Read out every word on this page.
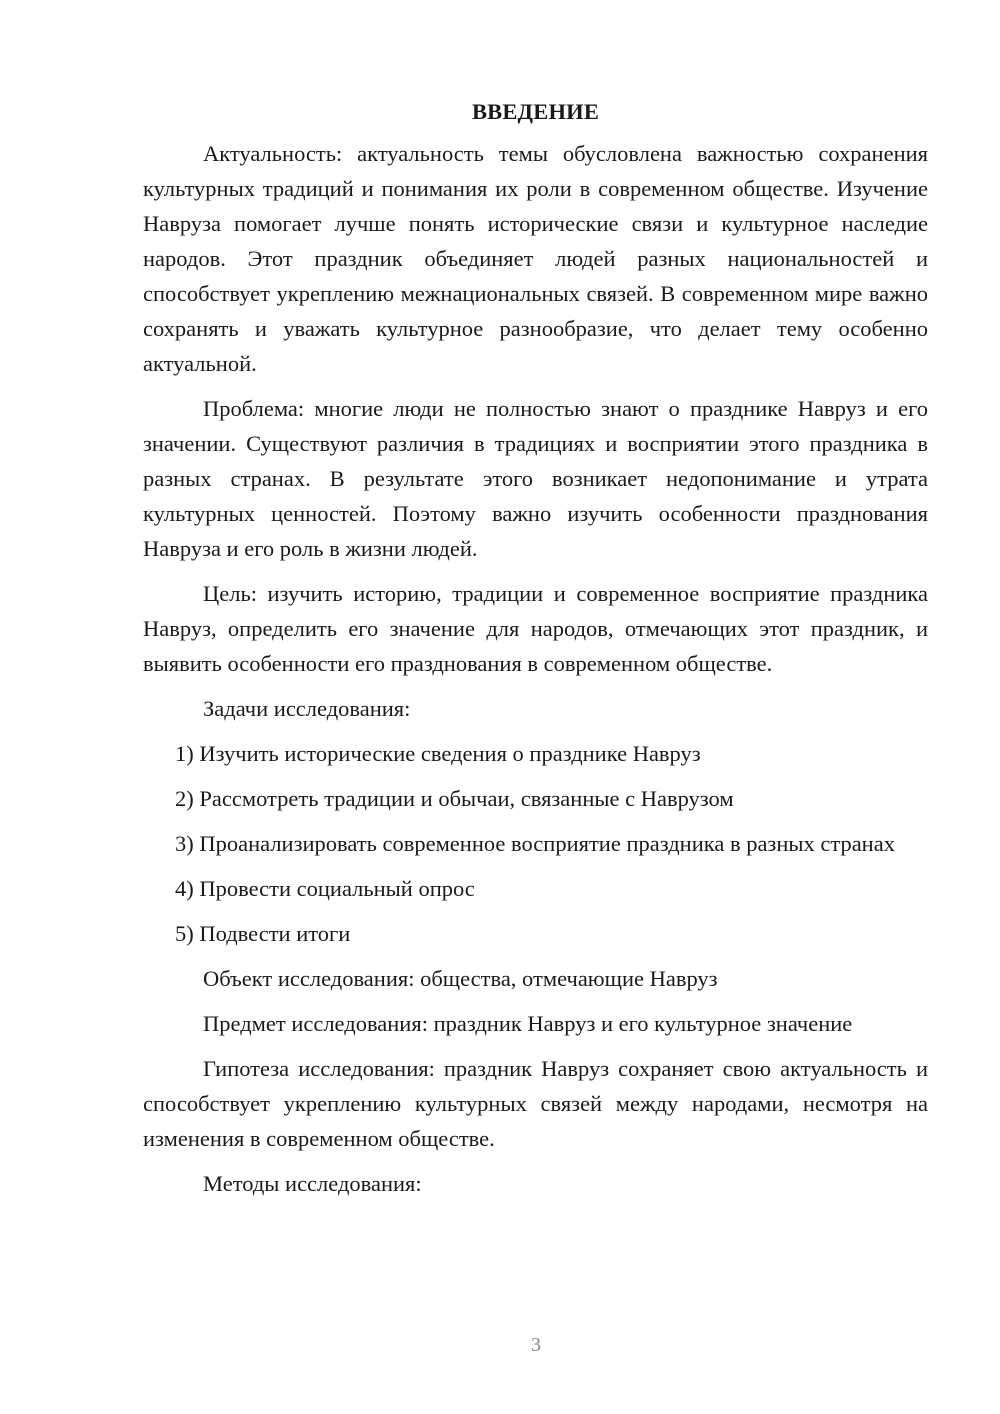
ВВЕДЕНИЕ

Актуальность: актуальность темы обусловлена важностью сохранения культурных традиций и понимания их роли в современном обществе. Изучение Навруза помогает лучше понять исторические связи и культурное наследие народов. Этот праздник объединяет людей разных национальностей и способствует укреплению межнациональных связей. В современном мире важно сохранять и уважать культурное разнообразие, что делает тему особенно актуальной.

Проблема: многие люди не полностью знают о празднике Навруз и его значении. Существуют различия в традициях и восприятии этого праздника в разных странах. В результате этого возникает недопонимание и утрата культурных ценностей. Поэтому важно изучить особенности празднования Навруза и его роль в жизни людей.

Цель: изучить историю, традиции и современное восприятие праздника Навруз, определить его значение для народов, отмечающих этот праздник, и выявить особенности его празднования в современном обществе.

Задачи исследования:

1) Изучить исторические сведения о празднике Навруз

2) Рассмотреть традиции и обычаи, связанные с Наврузом

3) Проанализировать современное восприятие праздника в разных странах

4) Провести социальный опрос

5) Подвести итоги

Объект исследования: общества, отмечающие Навруз

Предмет исследования: праздник Навруз и его культурное значение

Гипотеза исследования: праздник Навруз сохраняет свою актуальность и способствует укреплению культурных связей между народами, несмотря на изменения в современном обществе.

Методы исследования:

3
